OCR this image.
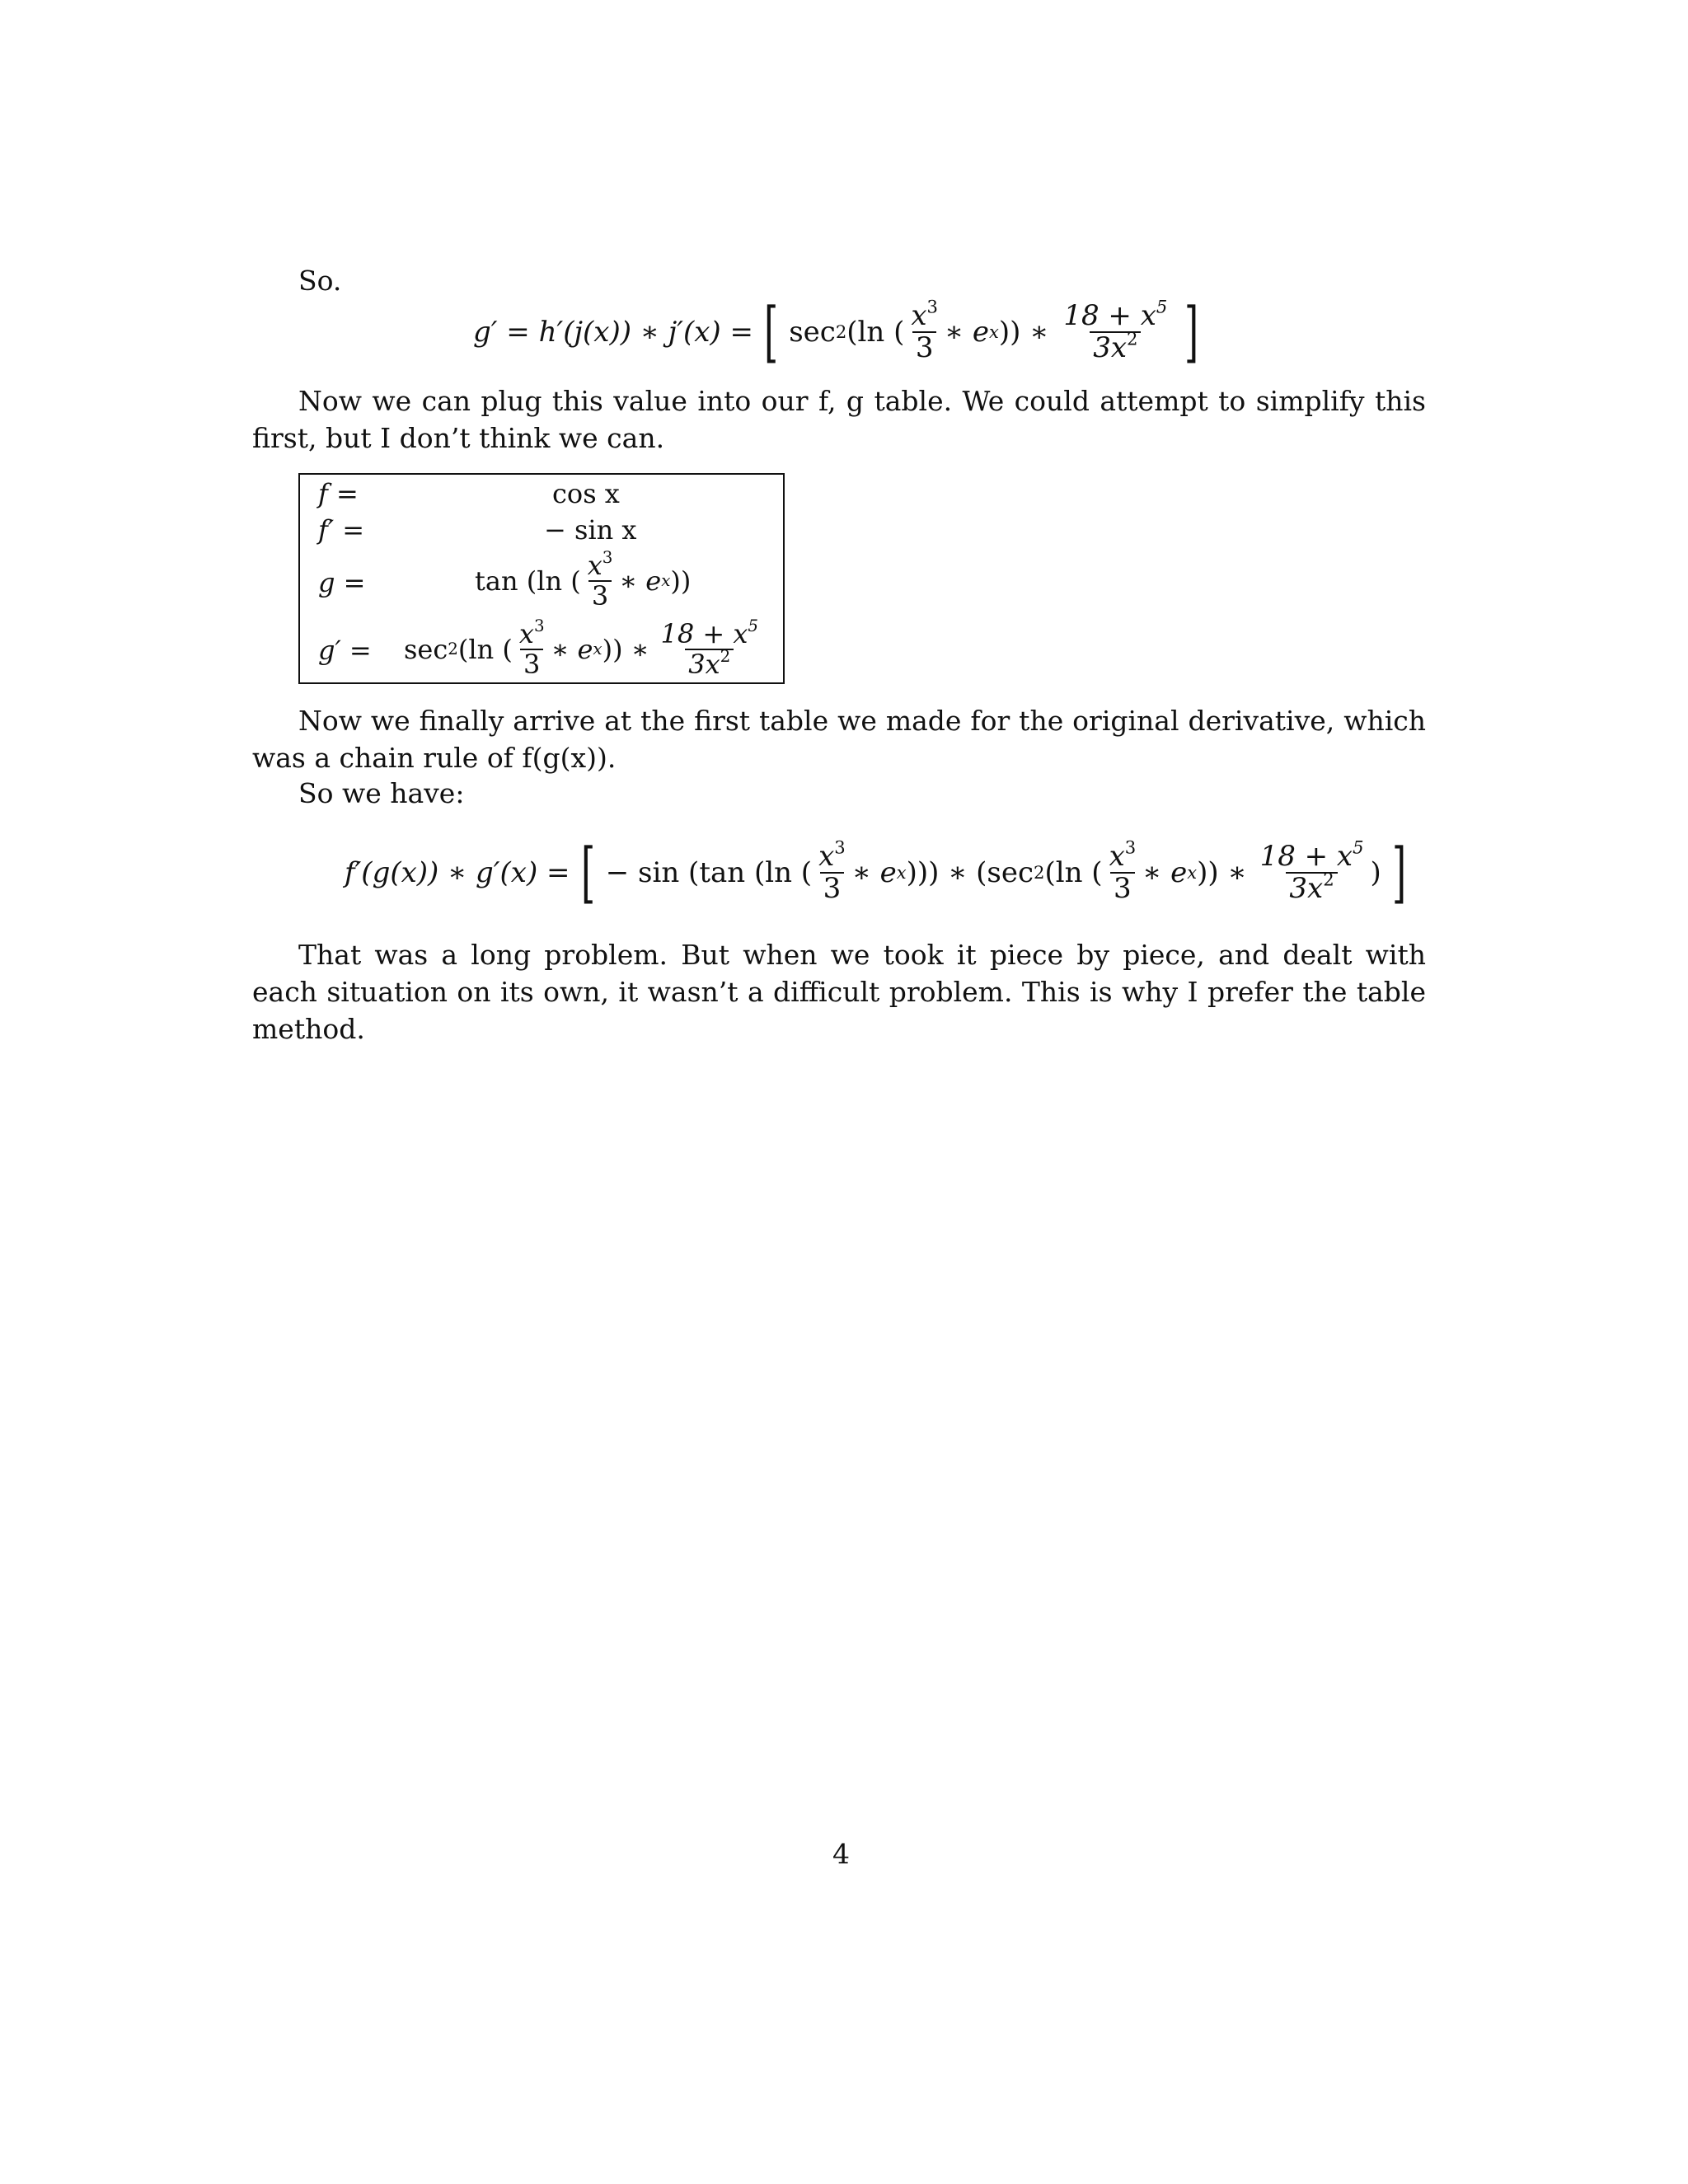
So.
g′ = h′(j(x)) ∗ j′(x) = [ sec 2 (ln ( $\frac{x^3}{3}$ ∗ e x )) ∗ $\frac{18 + x^5}{3x^2}$ ]
Now we can plug this value into our f, g table. We could attempt to simplify this first, but I don’t think we can.
f =	cos x
f′ =	− sin x
g =	tan (ln ( $\frac{x^3}{3}$ ∗ e x ))
g′ = sec 2 (ln ( $\frac{x^3}{3}$ ∗ e x )) ∗ $\frac{18 + x^5}{3x^2}$
Now we finally arrive at the first table we made for the original derivative, which was a chain rule of f(g(x)).
So we have:
f′(g(x)) ∗ g′(x) = [ − sin (tan (ln ( $\frac{x^3}{3}$ ∗ e x ))) ∗ (sec 2 (ln ( $\frac{x^3}{3}$ ∗ e x )) ∗ $\frac{18 + x^5}{3x^2}$ ) ]
That was a long problem. But when we took it piece by piece, and dealt with each situation on its own, it wasn’t a difficult problem. This is why I prefer the table method.
4
